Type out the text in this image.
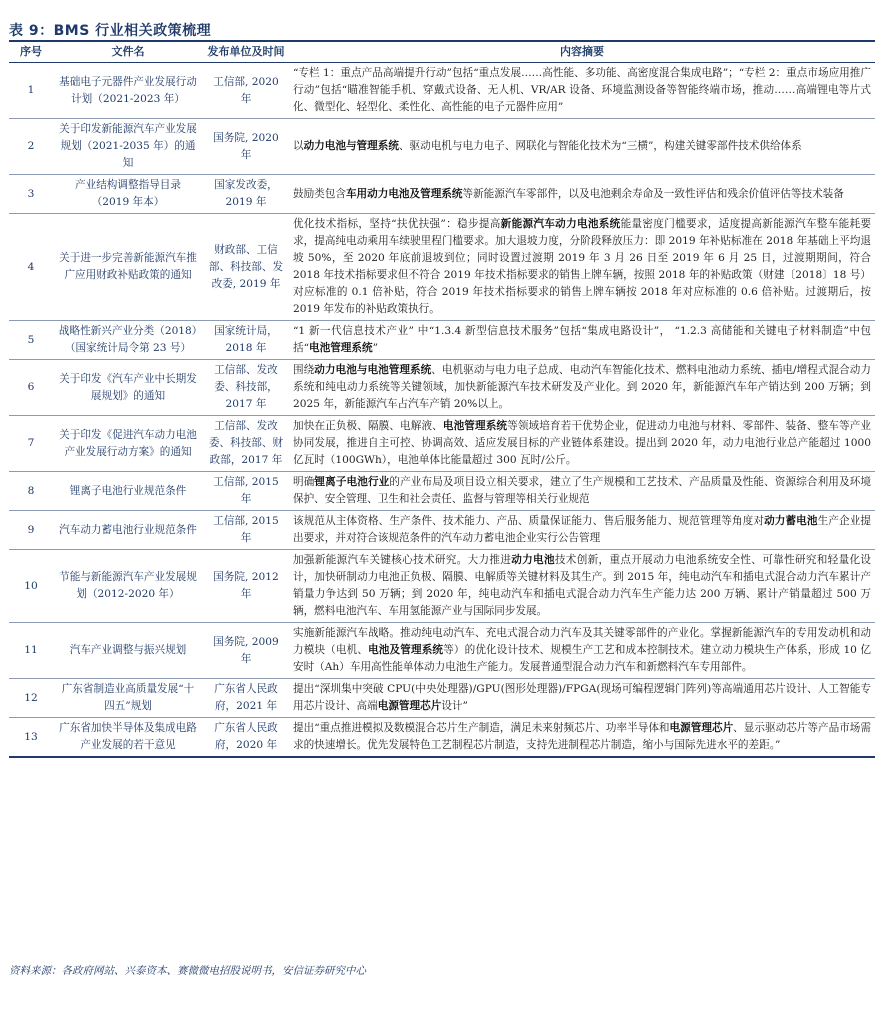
表 9：BMS 行业相关政策梳理
序号	文件名	发布单位及时间	内容摘要
1	基础电子元器件产业发展行动计划（2021-2023 年）	工信部, 2020 年	“专栏 1：重点产品高端提升行动”包括“重点发展……高性能、多功能、高密度混合集成电路”；“专栏 2：重点市场应用推广行动”包括“瞄准智能手机、穿戴式设备、无人机、VR/AR 设备、环境监测设备等智能终端市场，推动……高端锂电等片式化、微型化、轻型化、柔性化、高性能的电子元器件应用”
2	关于印发新能源汽车产业发展规划（2021-2035 年）的通知	国务院, 2020 年	以动力电池与管理系统、驱动电机与电力电子、网联化与智能化技术为“三横”，构建关键零部件技术供给体系
3	产业结构调整指导目录（2019 年本）	国家发改委，2019 年	鼓励类包含车用动力电池及管理系统等新能源汽车零部件，以及电池剩余寿命及一致性评估和残余价值评估等技术装备
4	关于进一步完善新能源汽车推广应用财政补贴政策的通知	财政部、工信部、科技部、发改委, 2019 年	优化技术指标，坚持“扶优扶强”：稳步提高新能源汽车动力电池系统能量密度门槛要求，适度提高新能源汽车整车能耗要求，提高纯电动乘用车续驶里程门槛要求。加大退坡力度，分阶段释放压力：即 2019 年补贴标准在 2018 年基础上平均退坡 50%，至 2020 年底前退坡到位；同时设置过渡期 2019 年 3 月 26 日至 2019 年 6 月 25 日，过渡期期间，符合 2018 年技术指标要求但不符合 2019 年技术指标要求的销售上牌车辆，按照 2018 年的补贴政策（财建〔2018〕18 号）对应标准的 0.1 倍补贴，符合 2019 年技术指标要求的销售上牌车辆按 2018 年对应标准的 0.6 倍补贴。过渡期后，按 2019 年发布的补贴政策执行。
5	战略性新兴产业分类（2018）（国家统计局令第 23 号）	国家统计局， 2018 年	“1 新一代信息技术产业” 中“1.3.4 新型信息技术服务”包括“集成电路设计”， “1.2.3 高储能和关键电子材料制造”中包括“电池管理系统”
6	关于印发《汽车产业中长期发展规划》的通知	工信部、发改委、科技部，2017 年	围绕动力电池与电池管理系统、电机驱动与电力电子总成、电动汽车智能化技术、燃料电池动力系统、插电/增程式混合动力系统和纯电动力系统等关键领域，加快新能源汽车技术研发及产业化。到 2020 年，新能源汽车年产销达到 200 万辆；到 2025 年，新能源汽车占汽车产销 20%以上。
7	关于印发《促进汽车动力电池产业发展行动方案》的通知	工信部、发改委、科技部、财政部，2017 年	加快在正负极、隔膜、电解液、电池管理系统等领域培育若干优势企业，促进动力电池与材料、零部件、装备、整车等产业协同发展，推进自主可控、协调高效、适应发展目标的产业链体系建设。提出到 2020 年，动力电池行业总产能超过 1000 亿瓦时（100GWh），电池单体比能量超过 300 瓦时/公斤。
8	锂离子电池行业规范条件	工信部, 2015 年	明确锂离子电池行业的产业布局及项目设立相关要求，建立了生产规模和工艺技术、产品质量及性能、资源综合利用及环境保护、安全管理、卫生和社会责任、监督与管理等相关行业规范
9	汽车动力蓄电池行业规范条件	工信部, 2015 年	该规范从主体资格、生产条件、技术能力、产品、质量保证能力、售后服务能力、规范管理等角度对动力蓄电池生产企业提出要求，并对符合该规范条件的汽车动力蓄电池企业实行公告管理
10	节能与新能源汽车产业发展规划（2012-2020 年）	国务院, 2012 年	加强新能源汽车关键核心技术研究。大力推进动力电池技术创新，重点开展动力电池系统安全性、可靠性研究和轻量化设计，加快研制动力电池正负极、隔膜、电解质等关键材料及其生产。到 2015 年，纯电动汽车和插电式混合动力汽车累计产销量力争达到 50 万辆；到 2020 年，纯电动汽车和插电式混合动力汽车生产能力达 200 万辆、累计产销量超过 500 万辆，燃料电池汽车、车用氢能源产业与国际同步发展。
11	汽车产业调整与振兴规划	国务院, 2009 年	实施新能源汽车战略。推动纯电动汽车、充电式混合动力汽车及其关键零部件的产业化。掌握新能源汽车的专用发动机和动力模块（电机、电池及管理系统等）的优化设计技术、规模生产工艺和成本控制技术。建立动力模块生产体系，形成 10 亿安时（Ah）车用高性能单体动力电池生产能力。发展普通型混合动力汽车和新燃料汽车专用部件。
12	广东省制造业高质量发展“十四五”规划	广东省人民政府，2021 年	提出“深圳集中突破 CPU(中央处理器)/GPU(图形处理器)/FPGA(现场可编程逻辑门阵列)等高端通用芯片设计、人工智能专用芯片设计、高端电源管理芯片设计”
13	广东省加快半导体及集成电路产业发展的若干意见	广东省人民政府，2020 年	提出“重点推进模拟及数模混合芯片生产制造，满足未来射频芯片、功率半导体和电源管理芯片、显示驱动芯片等产品市场需求的快速增长。优先发展特色工艺制程芯片制造，支持先进制程芯片制造，缩小与国际先进水平的差距。”
资料来源：各政府网站、兴泰资本、赛微微电招股说明书，安信证券研究中心
